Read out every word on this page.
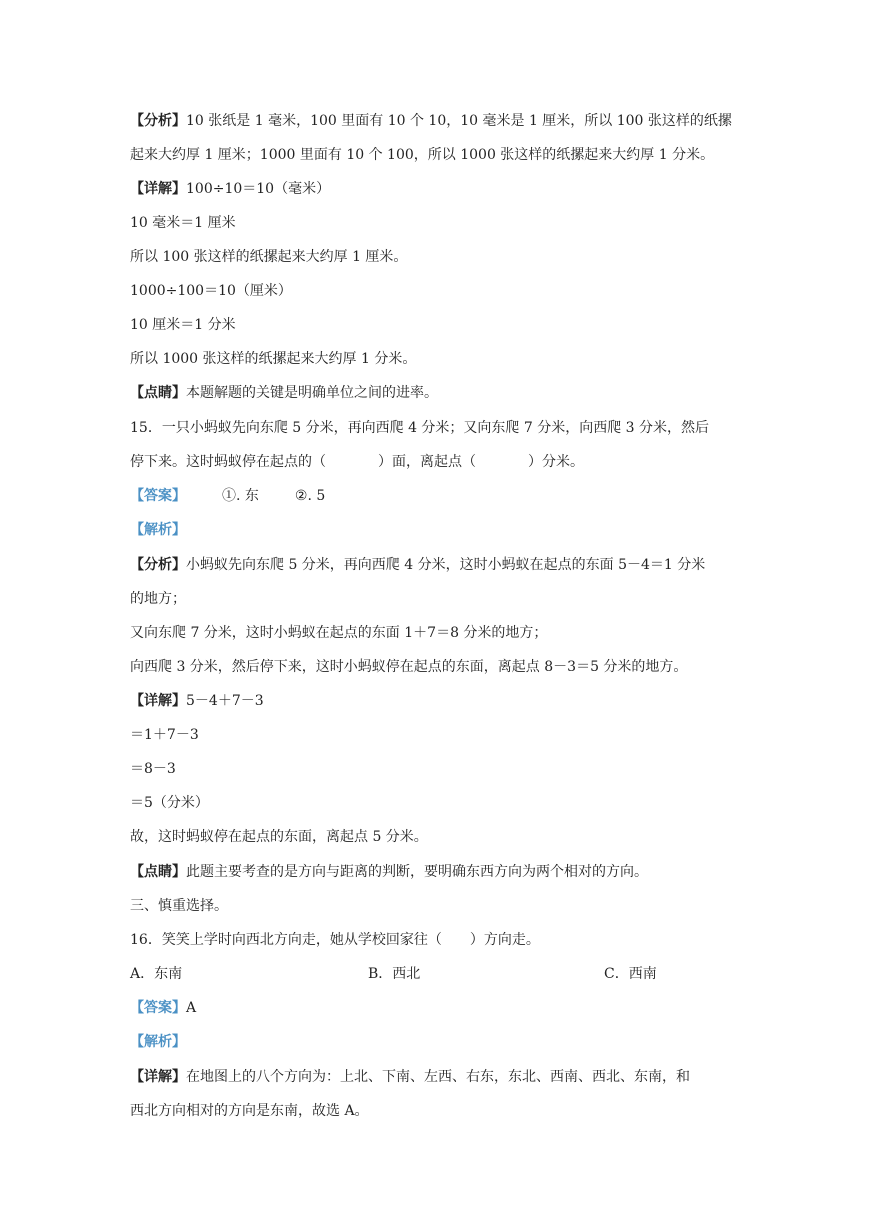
【分析】10 张纸是 1 毫米，100 里面有 10 个 10，10 毫米是 1 厘米，所以 100 张这样的纸摞
起来大约厚 1 厘米；1000 里面有 10 个 100，所以 1000 张这样的纸摞起来大约厚 1 分米。
【详解】100÷10＝10（毫米）
10 毫米＝1 厘米
所以 100 张这样的纸摞起来大约厚 1 厘米。
1000÷100＝10（厘米）
10 厘米＝1 分米
所以 1000 张这样的纸摞起来大约厚 1 分米。
【点睛】本题解题的关键是明确单位之间的进率。
15．一只小蚂蚁先向东爬 5 分米，再向西爬 4 分米；又向东爬 7 分米，向西爬 3 分米，然后
停下来。这时蚂蚁停在起点的（	）面，离起点（	）分米。
【答案】	①. 东	②. 5
【解析】
【分析】小蚂蚁先向东爬 5 分米，再向西爬 4 分米，这时小蚂蚁在起点的东面 5－4＝1 分米
的地方；
又向东爬 7 分米，这时小蚂蚁在起点的东面 1＋7＝8 分米的地方；
向西爬 3 分米，然后停下来，这时小蚂蚁停在起点的东面，离起点 8－3＝5 分米的地方。
【详解】5－4＋7－3
＝1＋7－3
＝8－3
＝5（分米）
故，这时蚂蚁停在起点的东面，离起点 5 分米。
【点睛】此题主要考查的是方向与距离的判断，要明确东西方向为两个相对的方向。
三、慎重选择。
16．笑笑上学时向西北方向走，她从学校回家往（ ）方向走。
A．东南	B．西北	C．西南
【答案】A
【解析】
【详解】在地图上的八个方向为：上北、下南、左西、右东，东北、西南、西北、东南，和
西北方向相对的方向是东南，故选 A。
